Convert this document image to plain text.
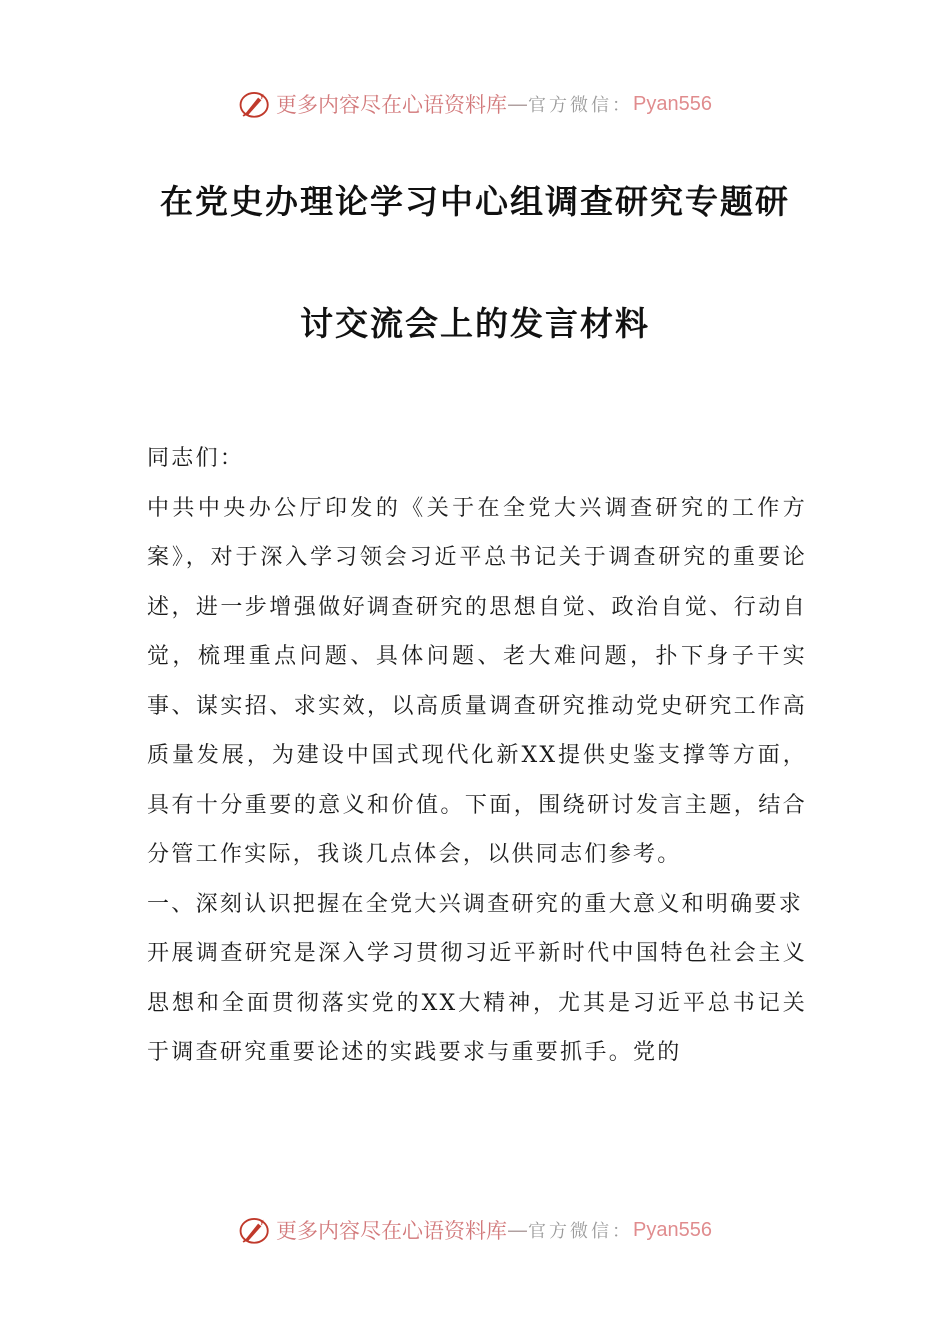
更多内容尽在心语资料库 — 官方微信： Pyan556
在党史办理论学习中心组调查研究专题研
讨交流会上的发言材料

同志们：

中共中央办公厅印发的《关于在全党大兴调查研究的工作方案》，对于深入学习领会习近平总书记关于调查研究的重要论述，进一步增强做好调查研究的思想自觉、政治自觉、行动自觉，梳理重点问题、具体问题、老大难问题，扑下身子干实事、谋实招、求实效，以高质量调查研究推动党史研究工作高质量发展，为建设中国式现代化新XX提供史鉴支撑等方面，具有十分重要的意义和价值。下面，围绕研讨发言主题，结合分管工作实际，我谈几点体会，以供同志们参考。

一、深刻认识把握在全党大兴调查研究的重大意义和明确要求

开展调查研究是深入学习贯彻习近平新时代中国特色社会主义思想和全面贯彻落实党的XX大精神，尤其是习近平总书记关于调查研究重要论述的实践要求与重要抓手。党的

更多内容尽在心语资料库 — 官方微信： Pyan556
